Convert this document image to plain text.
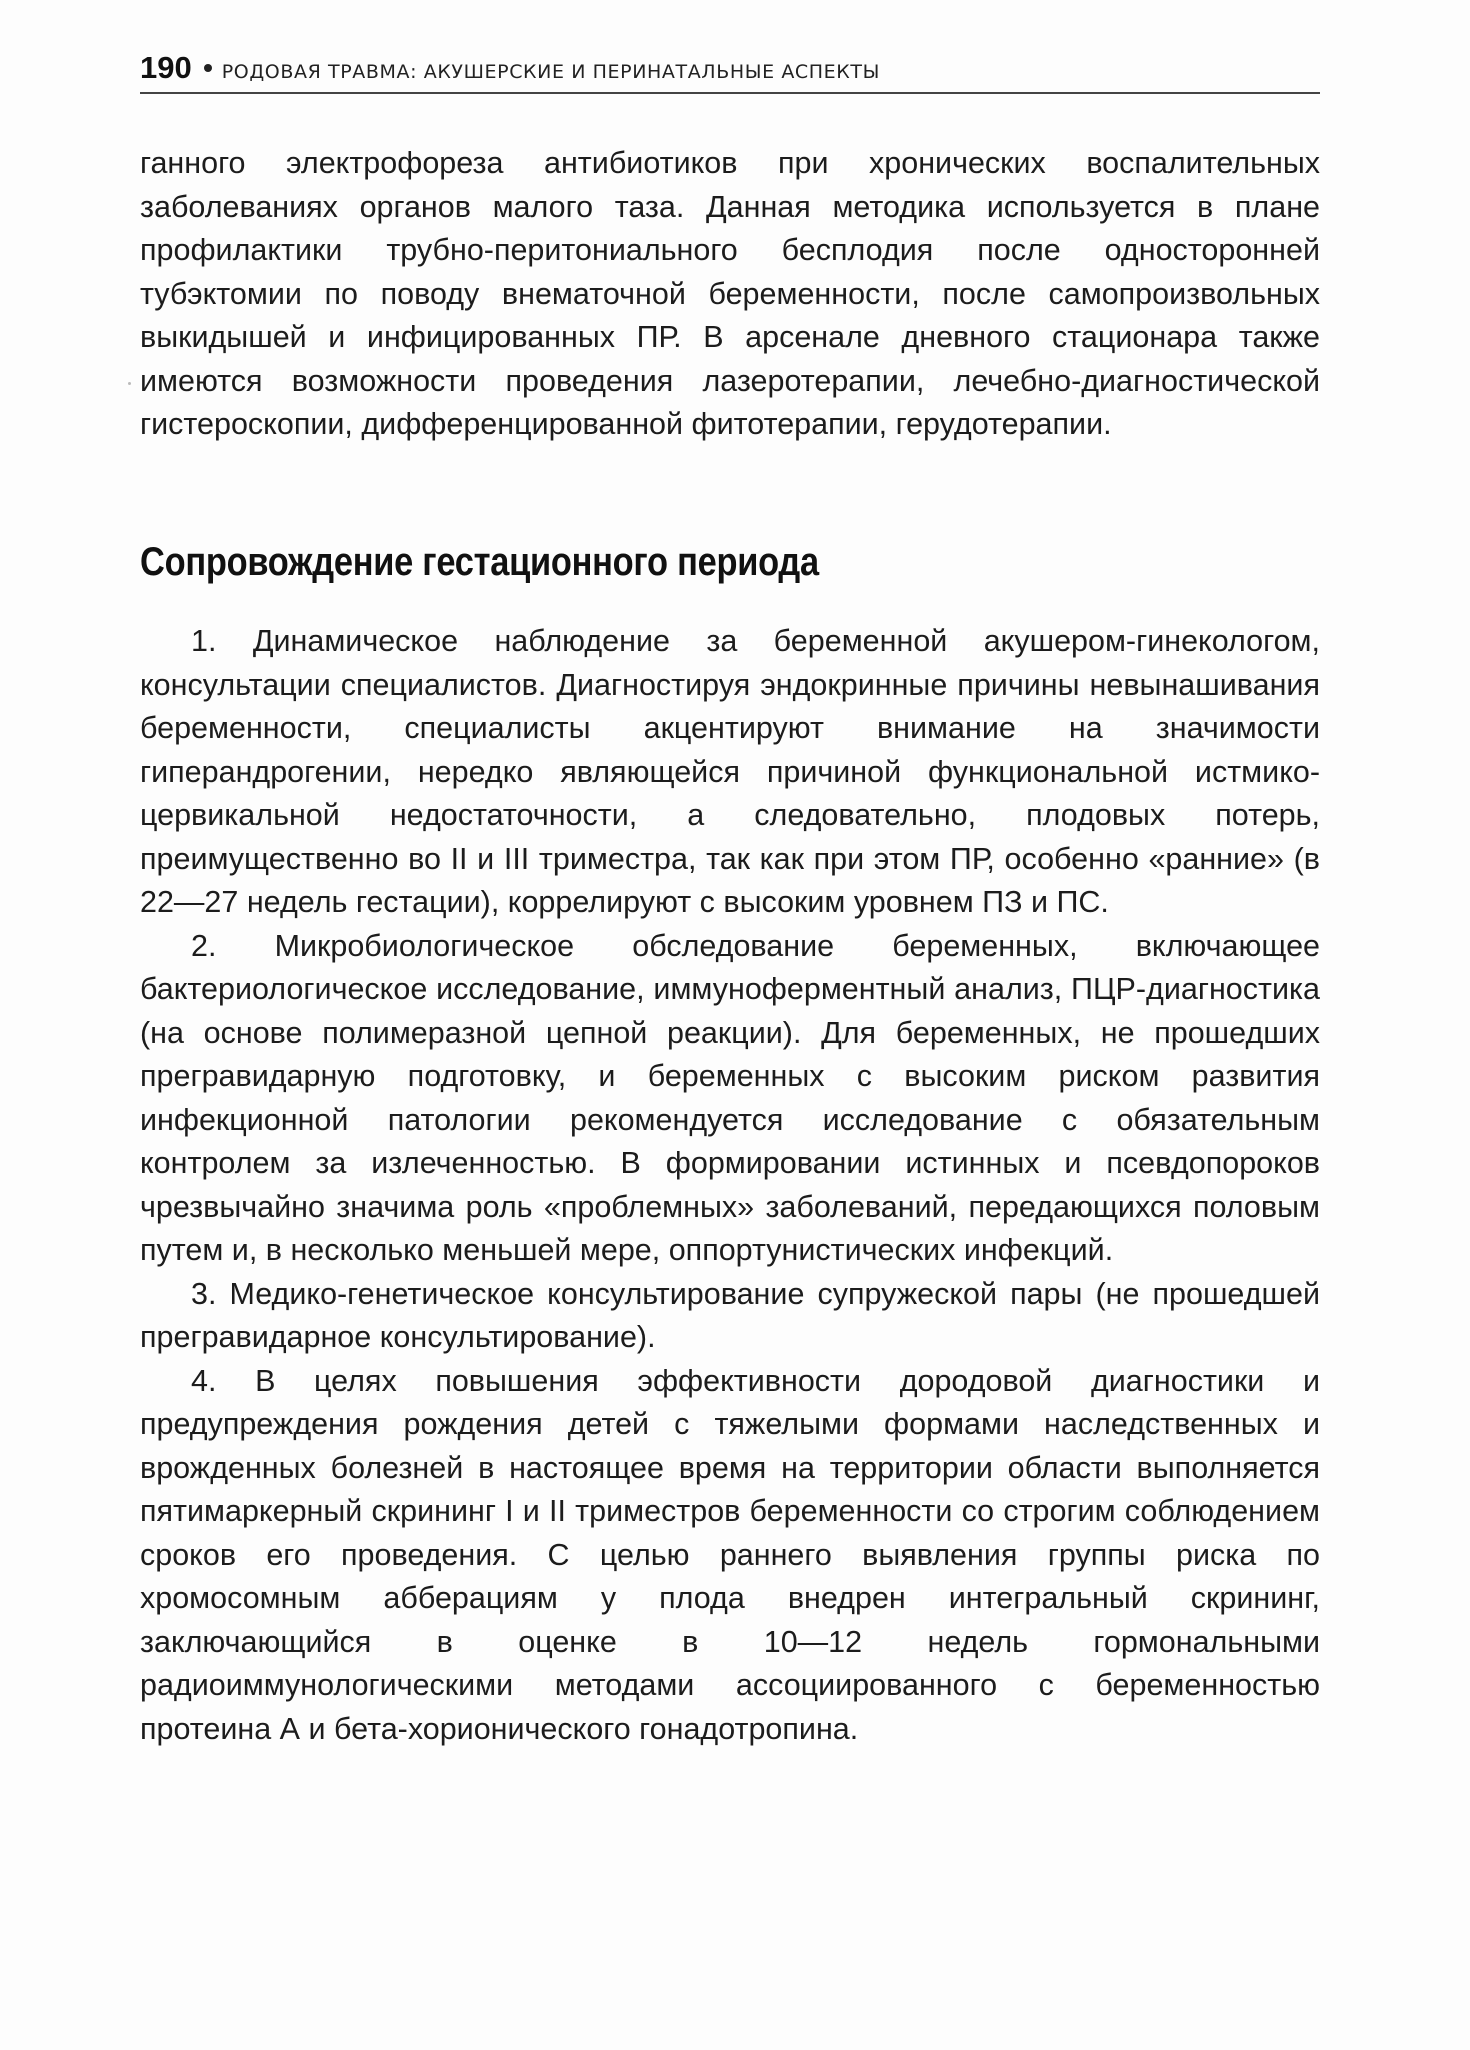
190 РОДОВАЯ ТРАВМА: АКУШЕРСКИЕ И ПЕРИНАТАЛЬНЫЕ АСПЕКТЫ

ганного электрофореза антибиотиков при хронических воспалительных заболеваниях органов малого таза. Данная методика используется в плане профилактики трубно-перитониального бесплодия после односторонней тубэктомии по поводу внематочной беременности, после самопроизвольных выкидышей и инфицированных ПР. В арсенале дневного стационара также имеются возможности проведения лазеротерапии, лечебно-диагностической гистероскопии, дифференцированной фитотерапии, герудотерапии.

Сопровождение гестационного периода

1. Динамическое наблюдение за беременной акушером-гинекологом, консультации специалистов. Диагностируя эндокринные причины невынашивания беременности, специалисты акцентируют внимание на значимости гиперандрогении, нередко являющейся причиной функциональной истмико-цервикальной недостаточности, а следовательно, плодовых потерь, преимущественно во II и III триместра, так как при этом ПР, особенно «ранние» (в 22—27 недель гестации), коррелируют с высоким уровнем ПЗ и ПС.

2. Микробиологическое обследование беременных, включающее бактериологическое исследование, иммуноферментный анализ, ПЦР-диагностика (на основе полимеразной цепной реакции). Для беременных, не прошедших прегравидарную подготовку, и беременных с высоким риском развития инфекционной патологии рекомендуется исследование с обязательным контролем за излеченностью. В формировании истинных и псевдопороков чрезвычайно значима роль «проблемных» заболеваний, передающихся половым путем и, в несколько меньшей мере, оппортунистических инфекций.

3. Медико-генетическое консультирование супружеской пары (не прошедшей прегравидарное консультирование).

4. В целях повышения эффективности дородовой диагностики и предупреждения рождения детей с тяжелыми формами наследственных и врожденных болезней в настоящее время на территории области выполняется пятимаркерный скрининг I и II триместров беременности со строгим соблюдением сроков его проведения. С целью раннего выявления группы риска по хромосомным абберациям у плода внедрен интегральный скрининг, заключающийся в оценке в 10—12 недель гормональными радиоиммунологическими методами ассоциированного с беременностью протеина А и бета-хорионического гонадотропина.
